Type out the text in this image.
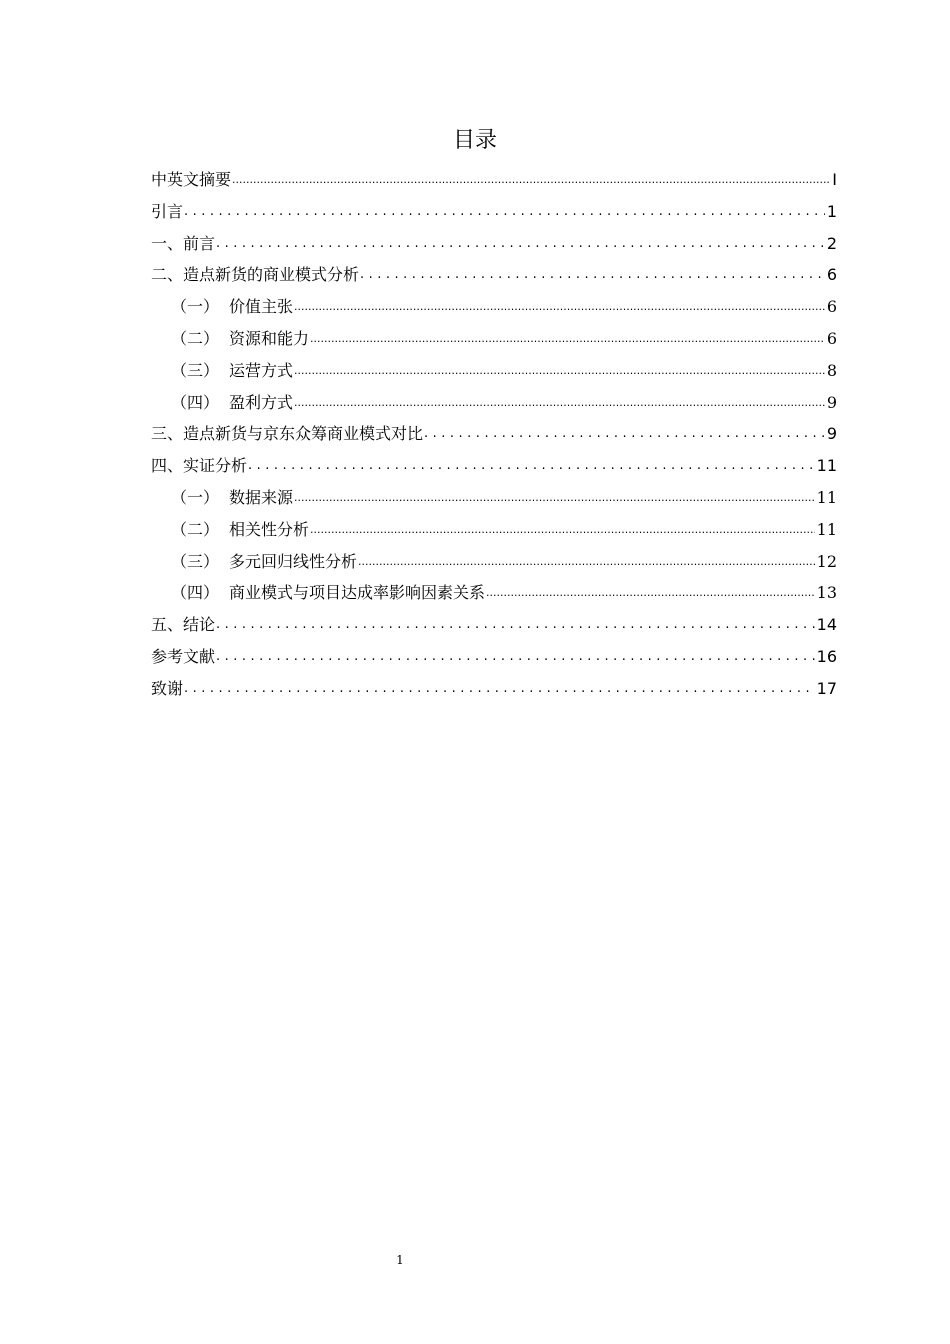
目录
中英文摘要 .....	I
引言 .....	1
一、前言 .....	2
二、造点新货的商业模式分析 .....	6
（一） 价值主张 .....	6
（二） 资源和能力 .....	6
（三） 运营方式 .....	8
（四） 盈利方式 .....	9
三、造点新货与京东众筹商业模式对比 .....	9
四、实证分析 .....	11
（一） 数据来源 .....	11
（二） 相关性分析 .....	11
（三） 多元回归线性分析 .....	12
（四） 商业模式与项目达成率影响因素关系 .....	13
五、结论 .....	14
参考文献 .....	16
致谢 .....	17
1
